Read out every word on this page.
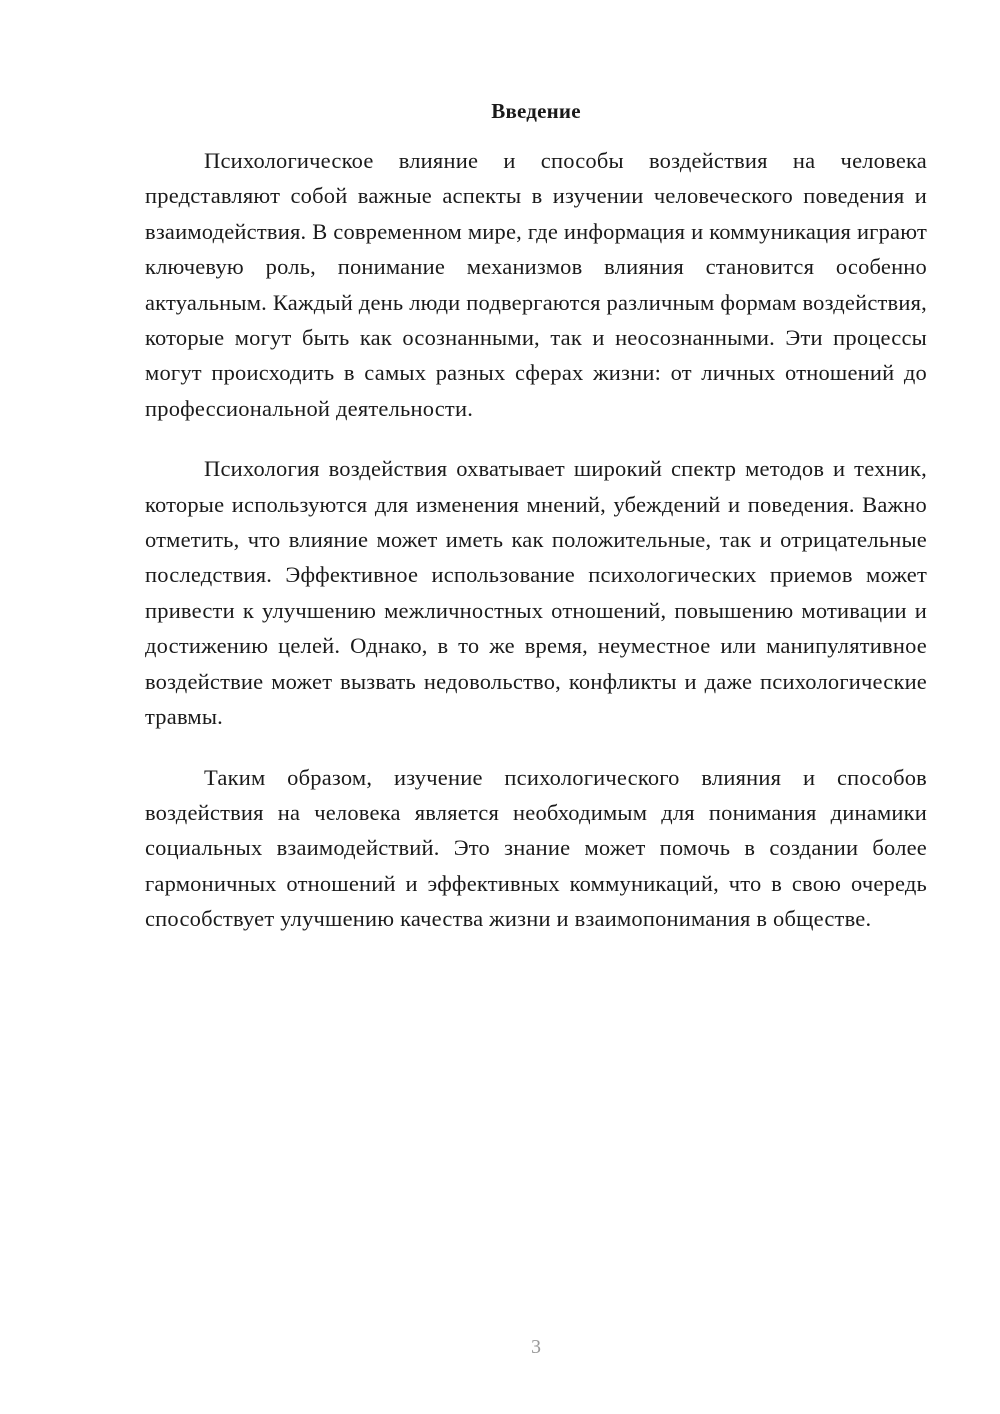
Введение

Психологическое влияние и способы воздействия на человека представляют собой важные аспекты в изучении человеческого поведения и взаимодействия. В современном мире, где информация и коммуникация играют ключевую роль, понимание механизмов влияния становится особенно актуальным. Каждый день люди подвергаются различным формам воздействия, которые могут быть как осознанными, так и неосознанными. Эти процессы могут происходить в самых разных сферах жизни: от личных отношений до профессиональной деятельности.

Психология воздействия охватывает широкий спектр методов и техник, которые используются для изменения мнений, убеждений и поведения. Важно отметить, что влияние может иметь как положительные, так и отрицательные последствия. Эффективное использование психологических приемов может привести к улучшению межличностных отношений, повышению мотивации и достижению целей. Однако, в то же время, неуместное или манипулятивное воздействие может вызвать недовольство, конфликты и даже психологические травмы.

Таким образом, изучение психологического влияния и способов воздействия на человека является необходимым для понимания динамики социальных взаимодействий. Это знание может помочь в создании более гармоничных отношений и эффективных коммуникаций, что в свою очередь способствует улучшению качества жизни и взаимопонимания в обществе.

3
